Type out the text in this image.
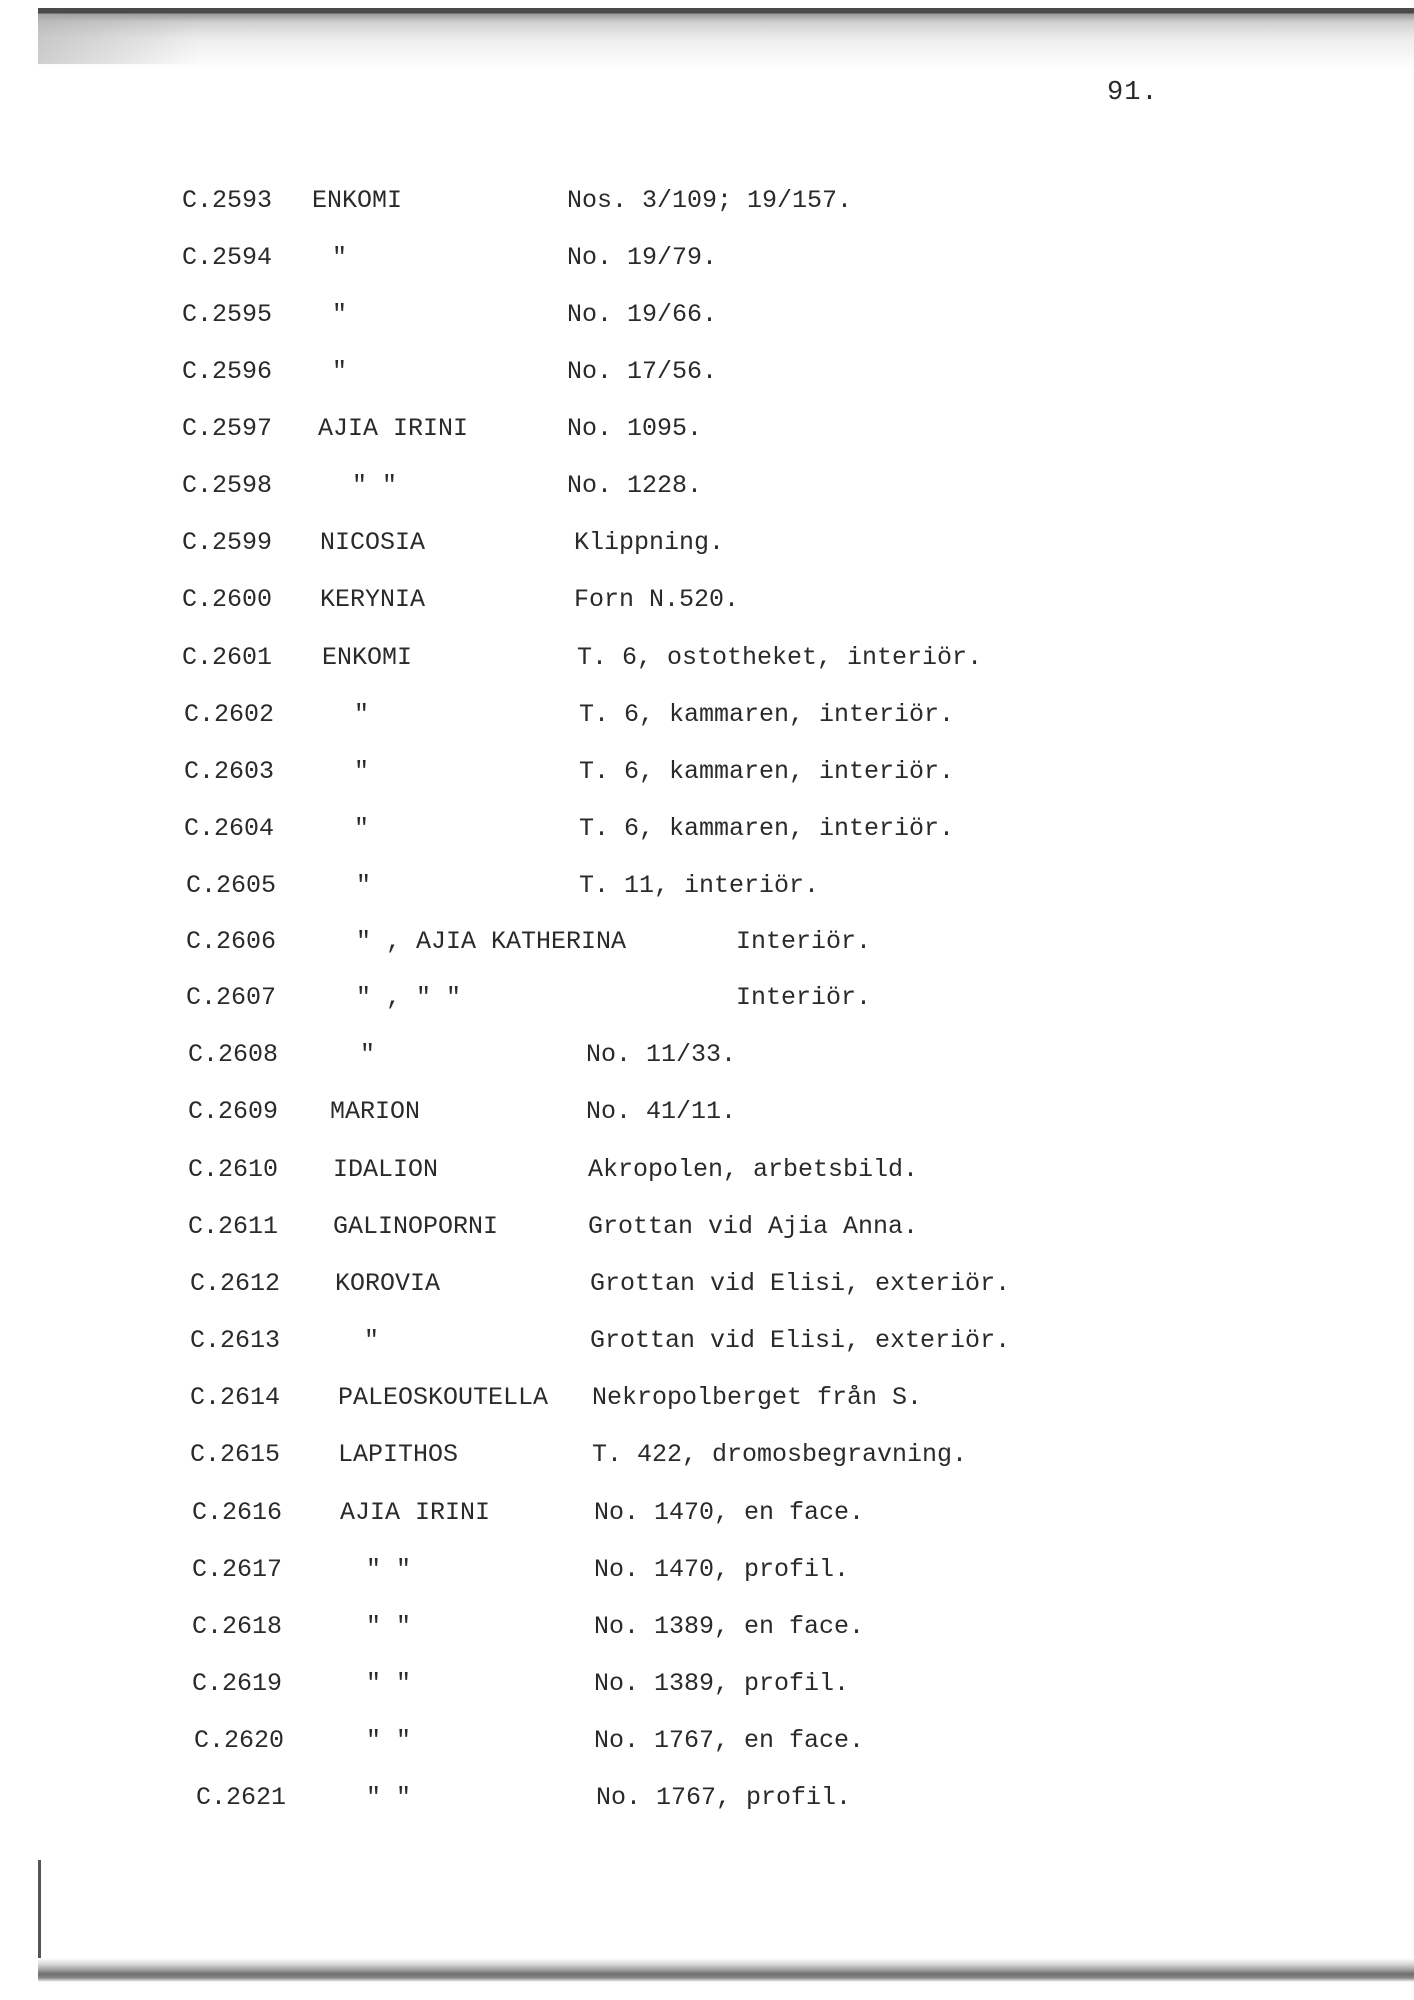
91.
C.2593 ENKOMI	Nos. 3/109; 19/157.
C.2594 "	No. 19/79.
C.2595 "	No. 19/66.
C.2596 "	No. 17/56.
C.2597 AJIA IRINI	No. 1095.
C.2598	" "	No. 1228.
C.2599 NICOSIA	Klippning.
C.2600 KERYNIA	Forn N.520.
C.2601 ENKOMI	T. 6, ostotheket, interiör.
C.2602	"	T. 6, kammaren, interiör.
C.2603	"	T. 6, kammaren, interiör.
C.2604	"	T. 6, kammaren, interiör.
C.2605	"	T. 11, interiör.
C.2606	" , AJIA KATHERINA	Interiör.
C.2607	" , " "	Interiör.
C.2608	"	No. 11/33.
C.2609 MARION	No. 41/11.
C.2610 IDALION	Akropolen, arbetsbild.
C.2611 GALINOPORNI	Grottan vid Ajia Anna.
C.2612 KOROVIA	Grottan vid Elisi, exteriör.
C.2613	"	Grottan vid Elisi, exteriör.
C.2614 PALEOSKOUTELLA Nekropolberget från S.
C.2615 LAPITHOS	T. 422, dromosbegravning.
C.2616 AJIA IRINI	No. 1470, en face.
C.2617	" "	No. 1470, profil.
C.2618	" "	No. 1389, en face.
C.2619	" "	No. 1389, profil.
C.2620	" "	No. 1767, en face.
C.2621	" "	No. 1767, profil.
